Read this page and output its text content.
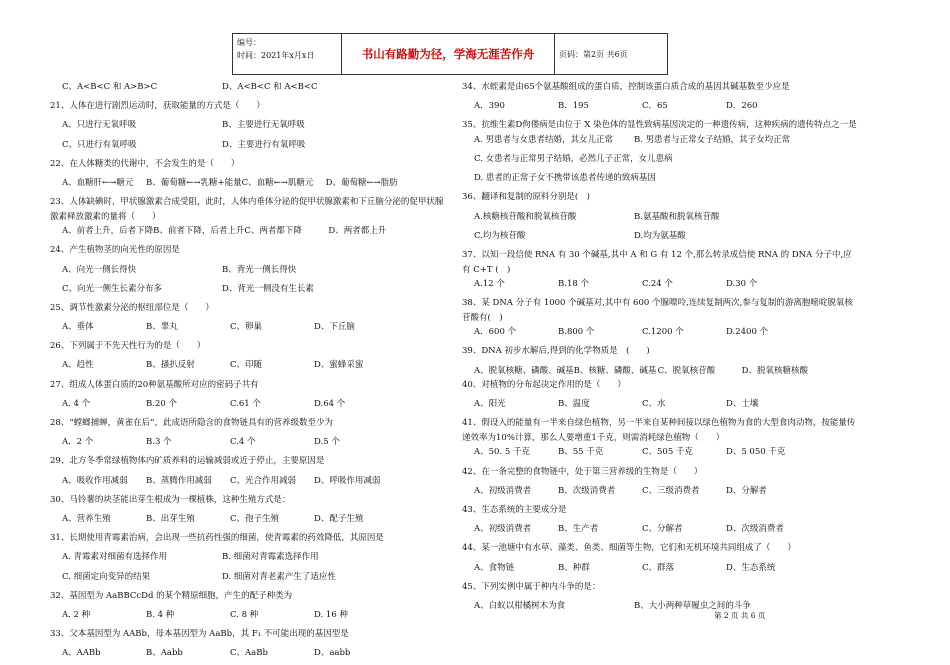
编号：
时间：2021年x月x日	书山有路勤为径，学海无涯苦作舟	页码：第2页 共6页
C、A<B<C 和 A>B>C	D、A<B<C 和 A<B<C
21、人体在进行剧烈运动时，获取能量的方式是（　　）
A、只进行无氧呼吸	B、主要进行无氧呼吸
C、只进行有氧呼吸	D、主要进行有氧呼吸
22、在人体糖类的代谢中，不会发生的是（　　）
A、血糖肝←→糖元 B、葡萄糖←→乳糖+能量C、血糖←→肌糖元 D、葡萄糖←→脂肪
23、人体缺碘时，甲状腺激素合成受阻，此时，人体内垂体分泌的促甲状腺激素和下丘脑分泌的促甲状腺激素释放激素的量将（　　）
A、前者上升，后者下降B、前者下降，后者上升C、两者都下降	D、两者都上升
24、产生植物茎的向光性的原因是
A、向光一侧长得快	B、背光一侧长得快
C、向光一侧生长素分布多	D、背光一侧没有生长素
25、调节性激素分泌的枢纽部位是（　　）
A、垂体	B、睾丸	C、卵巢	D、下丘脑
26、下列属于不先天性行为的是（　　）
A、趋性	B、搔扒反射	C、印随	D、蜜蜂采蜜
27、组成人体蛋白质的20种氨基酸所对应的密码子共有
A. 4 个	B.20 个	C.61 个	D.64 个
28、“螳螂捕蝉，黄雀在后”，此成语所隐含的食物链具有的营养级数至少为
A．2 个	B.3 个	C.4 个	D.5 个
29、北方冬季常绿植物体内矿质养料的运输减弱或近于停止，主要原因是
A、吸收作用减弱 B、蒸腾作用减弱 C、光合作用减弱 D、呼吸作用减弱
30、马铃薯的块茎能出芽生根成为一棵植株，这种生殖方式是：
A、营养生殖	B、出芽生殖	C、孢子生殖	D、配子生殖
31、长期使用青霉素治病，会出现一些抗药性强的细菌，使青霉素的药效降低，其原因是
A. 青霉素对细菌有选择作用	B. 细菌对青霉素选择作用
C. 细菌定向变异的结果	D. 细菌对青老素产生了适应性
32、基因型为 AaBBCcDd 的某个精原细胞，产生的配子种类为
A. 2 种	B. 4 种	C. 8 种	D. 16 种
33、父本基因型为 AABb，母本基因型为 AaBb，其 F₁ 不可能出现的基因型是
A、AABb	B、Aabb	C、AaBb	D、aabb
34、水蛭素是由65个氨基酸组成的蛋白质，控制该蛋白质合成的基因其碱基数至少应是
A．390	B．195	C．65	D．260
35、抗维生素D佝偻病是由位于 X 染色体的显性致病基因决定的一种遗传病，这种疾病的遗传特点之一是
A. 男患者与女患者结婚，其女儿正常 B. 男患者与正常女子结婚，其子女均正常
C. 女患者与正常男子结婚，必然儿子正常，女儿患病
D. 患者的正常子女不携带该患者传递的致病基因
36、翻译和复制的原料分别是(　)
A.核糖核苷酸和脱氧核苷酸	B.氨基酸和脱氧核苷酸
C.均为核苷酸	D.均为氨基酸
37、以知一段信使 RNA 有 30 个碱基,其中 A 和 G 有 12 个,那么转录成信使 RNA 的 DNA 分子中,应有 C+T (　)
A.12 个	B.18 个	C.24 个	D.30 个
38、某 DNA 分子有 1000 个碱基对,其中有 600 个腺嘌呤,连续复制两次,参与复制的游离胞嘧啶脱氧核苷酸有(　)
A．600 个	B.800 个	C.1200 个	D.2400 个
39、DNA 初步水解后,得到的化学物质是　(　　)
A、脱氧核糖、磷酸、碱基B、核糖、磷酸、碱基C、脱氧核苷酸	D、脱氧核糖核酸
40、对植物的分布起决定作用的是（　　）
A、阳光	B、温度	C、水	D、土壤
41、假设入的能量有一半来自绿色植物，另一半来自某种间接以绿色植物为食的大型食肉动物，按能量传递效率为10%计算，那么人要增重1千克，则需消耗绿色植物（　　）
A、50. 5 千克	B、55 千克	C、505 千克	D、5 050 千克
42、在一条完整的食物链中，处于第三营养级的生物是（　　）
A、初级消费者	B、次级消费者	C、三级消费者	D、分解者
43、生态系统的主要成分是
A、初级消费者	B、生产者	C、分解者	D、次级消费者
44、某一池塘中有水草、藻类、鱼类、细菌等生物，它们和无机环境共同组成了（　　）
A、食物链	B、种群	C、群落	D、生态系统
45、下列实例中属于种内斗争的是：
A、白蚁以柑橘树木为食	B、大小两种草履虫之间的斗争
第 2 页 共 6 页
